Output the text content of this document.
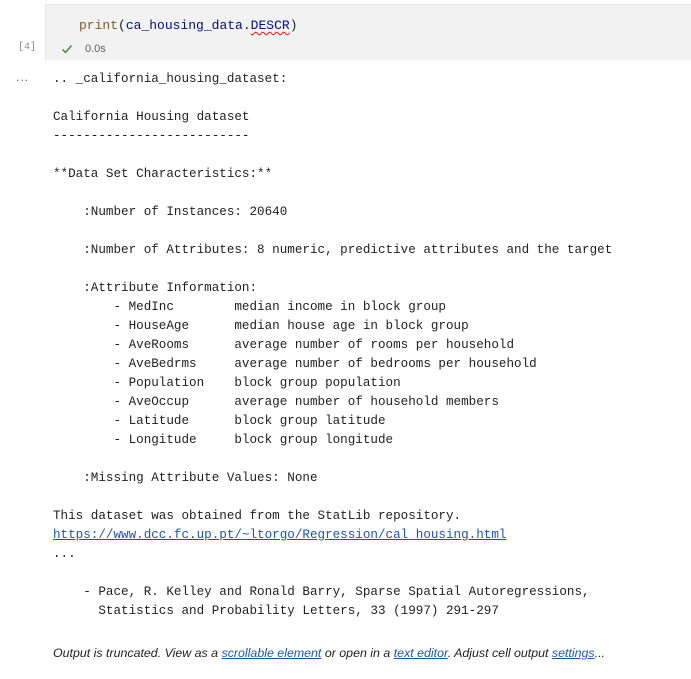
print(ca_housing_data.DESCR)
[4]	0.0s
... .. _california_housing_dataset:
California Housing dataset
--------------------------
**Data Set Characteristics:**
:Number of Instances: 20640
:Number of Attributes: 8 numeric, predictive attributes and the target
:Attribute Information:
- MedInc        median income in block group
- HouseAge      median house age in block group
- AveRooms      average number of rooms per household
- AveBedrms     average number of bedrooms per household
- Population    block group population
- AveOccup      average number of household members
- Latitude      block group latitude
- Longitude     block group longitude
:Missing Attribute Values: None
This dataset was obtained from the StatLib repository.
https://www.dcc.fc.up.pt/~ltorgo/Regression/cal_housing.html
...
- Pace, R. Kelley and Ronald Barry, Sparse Spatial Autoregressions,
Statistics and Probability Letters, 33 (1997) 291-297
Output is truncated. View as a scrollable element or open in a text editor. Adjust cell output settings...
